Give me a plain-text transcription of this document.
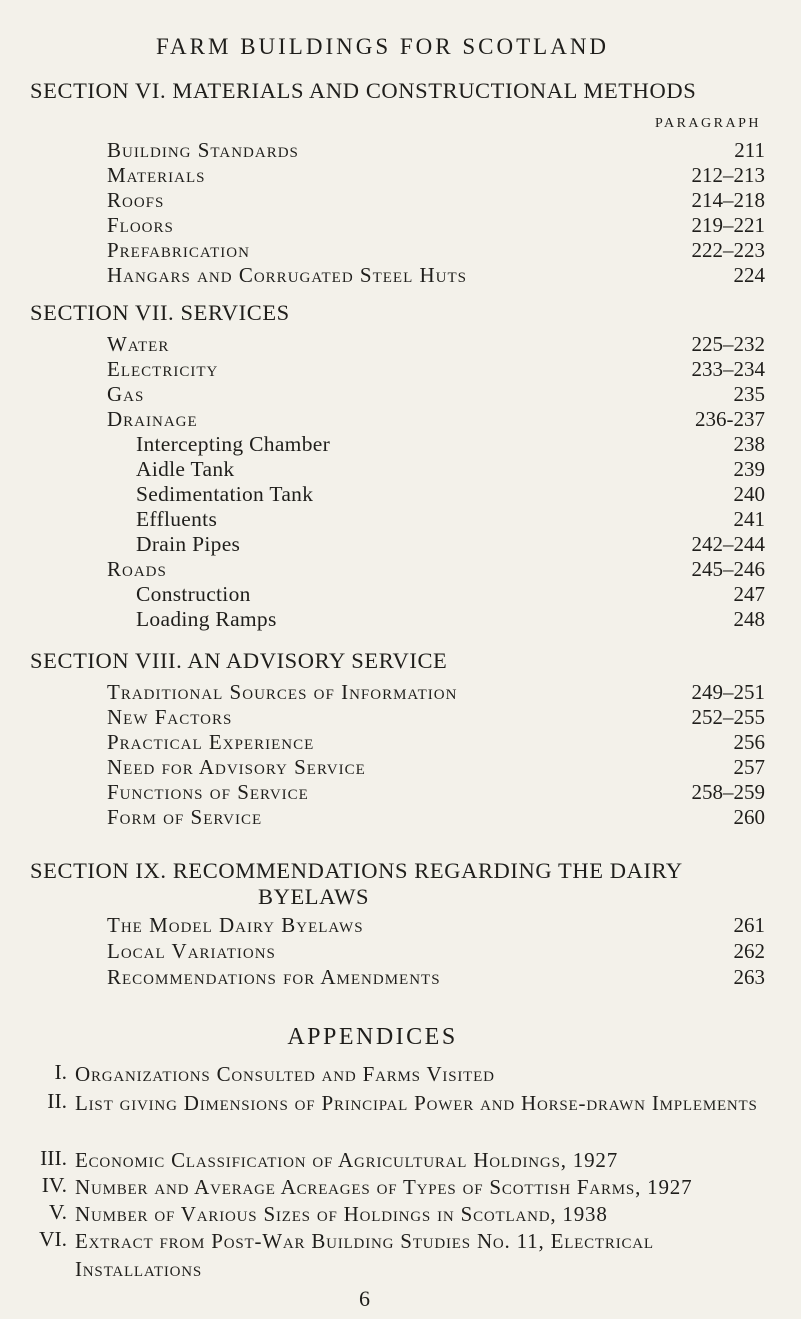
FARM BUILDINGS FOR SCOTLAND
SECTION VI. MATERIALS AND CONSTRUCTIONAL METHODS
PARAGRAPH
Building Standards	211
Materials	212–213
Roofs	214–218
Floors	219–221
Prefabrication	222–223
Hangars and Corrugated Steel Huts	224
SECTION VII. SERVICES
Water	225–232
Electricity	233–234
Gas	235
Drainage	236-237
Intercepting Chamber	238
Aidle Tank	239
Sedimentation Tank	240
Effluents	241
Drain Pipes	242–244
Roads	245–246
Construction	247
Loading Ramps	248
SECTION VIII. AN ADVISORY SERVICE
Traditional Sources of Information	249–251
New Factors	252–255
Practical Experience	256
Need for Advisory Service	257
Functions of Service	258–259
Form of Service	260
SECTION IX. RECOMMENDATIONS REGARDING THE DAIRY
BYELAWS
The Model Dairy Byelaws	261
Local Variations	262
Recommendations for Amendments	263
APPENDICES
I. Organizations Consulted and Farms Visited
II. List giving Dimensions of Principal Power and Horse-drawn Implements
III. Economic Classification of Agricultural Holdings, 1927
IV. Number and Average Acreages of Types of Scottish Farms, 1927
V. Number of Various Sizes of Holdings in Scotland, 1938
VI. Extract from Post-War Building Studies No. 11, Electrical Installations
6
